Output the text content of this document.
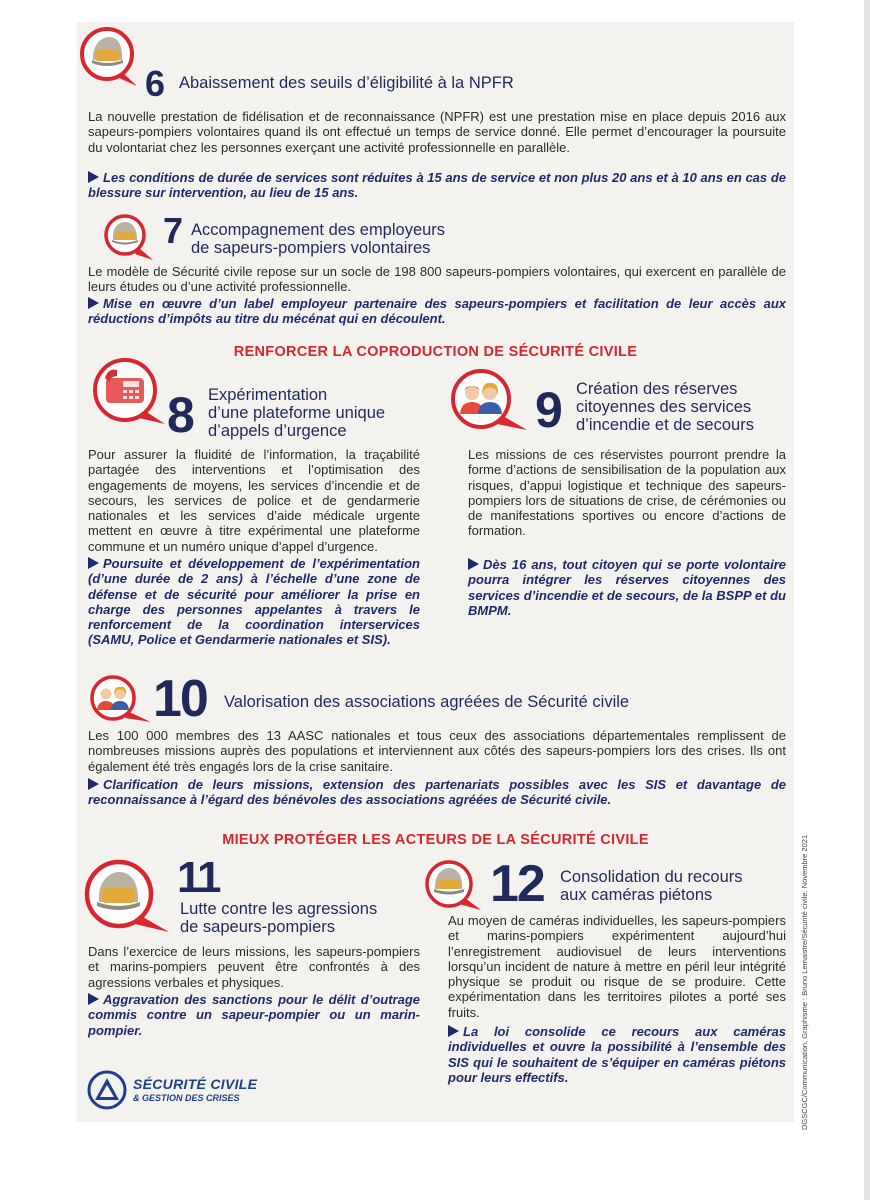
6 Abaissement des seuils d’éligibilité à la NPFR

La nouvelle prestation de fidélisation et de reconnaissance (NPFR) est une prestation mise en place depuis 2016 aux sapeurs-pompiers volontaires quand ils ont effectué un temps de service donné. Elle permet d’encourager la poursuite du volontariat chez les personnes exerçant une activité professionnelle en parallèle.

Les conditions de durée de services sont réduites à 15 ans de service et non plus 20 ans et à 10 ans en cas de blessure sur intervention, au lieu de 15 ans.

7 Accompagnement des employeurs
de sapeurs-pompiers volontaires

Le modèle de Sécurité civile repose sur un socle de 198 800 sapeurs-pompiers volontaires, qui exercent en parallèle de leurs études ou d’une activité professionnelle.

Mise en œuvre d’un label employeur partenaire des sapeurs-pompiers et facilitation de leur accès aux réductions d’impôts au titre du mécénat qui en découlent.

RENFORCER LA COPRODUCTION DE SÉCURITÉ CIVILE
8 Expérimentation
d’une plateforme unique
d’appels d’urgence

Pour assurer la fluidité de l’information, la traçabilité partagée des interventions et l’optimisation des engagements de moyens, les services d’incendie et de secours, les services de police et de gendarmerie nationales et les services d’aide médicale urgente mettent en œuvre à titre expérimental une plateforme commune et un numéro unique d’appel d’urgence.

Poursuite et développement de l’expérimentation (d’une durée de 2 ans) à l’échelle d’une zone de défense et de sécurité pour améliorer la prise en charge des personnes appelantes à travers le renforcement de la coordination interservices (SAMU, Police et Gendarmerie nationales et SIS).

9 Création des réserves
citoyennes des services
d’incendie et de secours

Les missions de ces réservistes pourront prendre la forme d’actions de sensibilisation de la population aux risques, d’appui logistique et technique des sapeurs-pompiers lors de situations de crise, de cérémonies ou de manifestations sportives ou encore d’actions de formation.

Dès 16 ans, tout citoyen qui se porte volontaire pourra intégrer les réserves citoyennes des services d’incendie et de secours, de la BSPP et du BMPM.

10 Valorisation des associations agréées de Sécurité civile

Les 100 000 membres des 13 AASC nationales et tous ceux des associations départementales remplissent de nombreuses missions auprès des populations et interviennent aux côtés des sapeurs-pompiers lors des crises. Ils ont également été très engagés lors de la crise sanitaire.

Clarification de leurs missions, extension des partenariats possibles avec les SIS et davantage de reconnaissance à l’égard des bénévoles des associations agréées de Sécurité civile.

MIEUX PROTÉGER LES ACTEURS DE LA SÉCURITÉ CIVILE
11
Lutte contre les agressions
de sapeurs-pompiers

Dans l’exercice de leurs missions, les sapeurs-pompiers et marins-pompiers peuvent être confrontés à des agressions verbales et physiques.

Aggravation des sanctions pour le délit d’outrage commis contre un sapeur-pompier ou un marin-pompier.

12 Consolidation du recours
aux caméras piétons

Au moyen de caméras individuelles, les sapeurs-pompiers et marins-pompiers expérimentent aujourd’hui l’enregistrement audiovisuel de leurs interventions lorsqu’un incident de nature à mettre en péril leur intégrité physique se produit ou risque de se produire. Cette expérimentation dans les territoires pilotes a porté ses fruits.

La loi consolide ce recours aux caméras individuelles et ouvre la possibilité à l’ensemble des SIS qui le souhaitent de s’équiper en caméras piétons pour leurs effectifs.

SÉCURITÉ CIVILE
& GESTION DES CRISES	DGSCGC/Communication. Graphisme : Bruno Lemaistre/Sécurité civile. Novembre 2021
